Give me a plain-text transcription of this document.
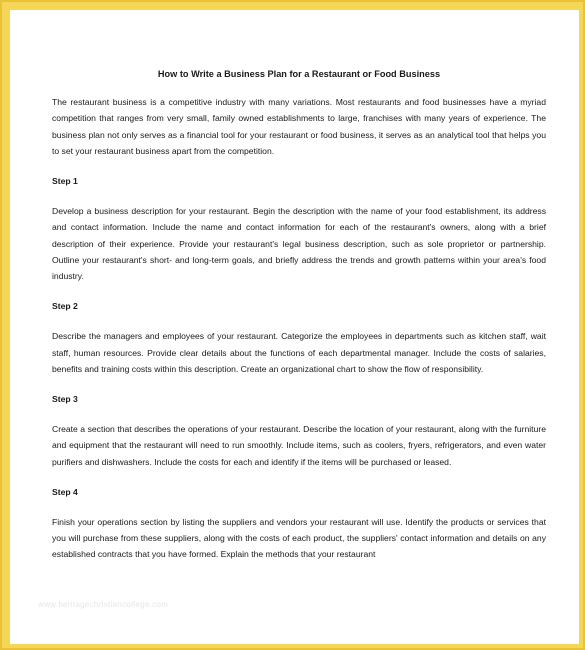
How to Write a Business Plan for a Restaurant or Food Business

The restaurant business is a competitive industry with many variations. Most restaurants and food businesses have a myriad competition that ranges from very small, family owned establishments to large, franchises with many years of experience. The business plan not only serves as a financial tool for your restaurant or food business, it serves as an analytical tool that helps you to set your restaurant business apart from the competition.

Step 1

Develop a business description for your restaurant. Begin the description with the name of your food establishment, its address and contact information. Include the name and contact information for each of the restaurant's owners, along with a brief description of their experience. Provide your restaurant's legal business description, such as sole proprietor or partnership. Outline your restaurant's short- and long-term goals, and briefly address the trends and growth patterns within your area's food industry.

Step 2

Describe the managers and employees of your restaurant. Categorize the employees in departments such as kitchen staff, wait staff, human resources. Provide clear details about the functions of each departmental manager. Include the costs of salaries, benefits and training costs within this description. Create an organizational chart to show the flow of responsibility.

Step 3

Create a section that describes the operations of your restaurant. Describe the location of your restaurant, along with the furniture and equipment that the restaurant will need to run smoothly. Include items, such as coolers, fryers, refrigerators, and even water purifiers and dishwashers. Include the costs for each and identify if the items will be purchased or leased.

Step 4

Finish your operations section by listing the suppliers and vendors your restaurant will use. Identify the products or services that you will purchase from these suppliers, along with the costs of each product, the suppliers' contact information and details on any established contracts that you have formed. Explain the methods that your restaurant

www.heritagechristiancollege.com
